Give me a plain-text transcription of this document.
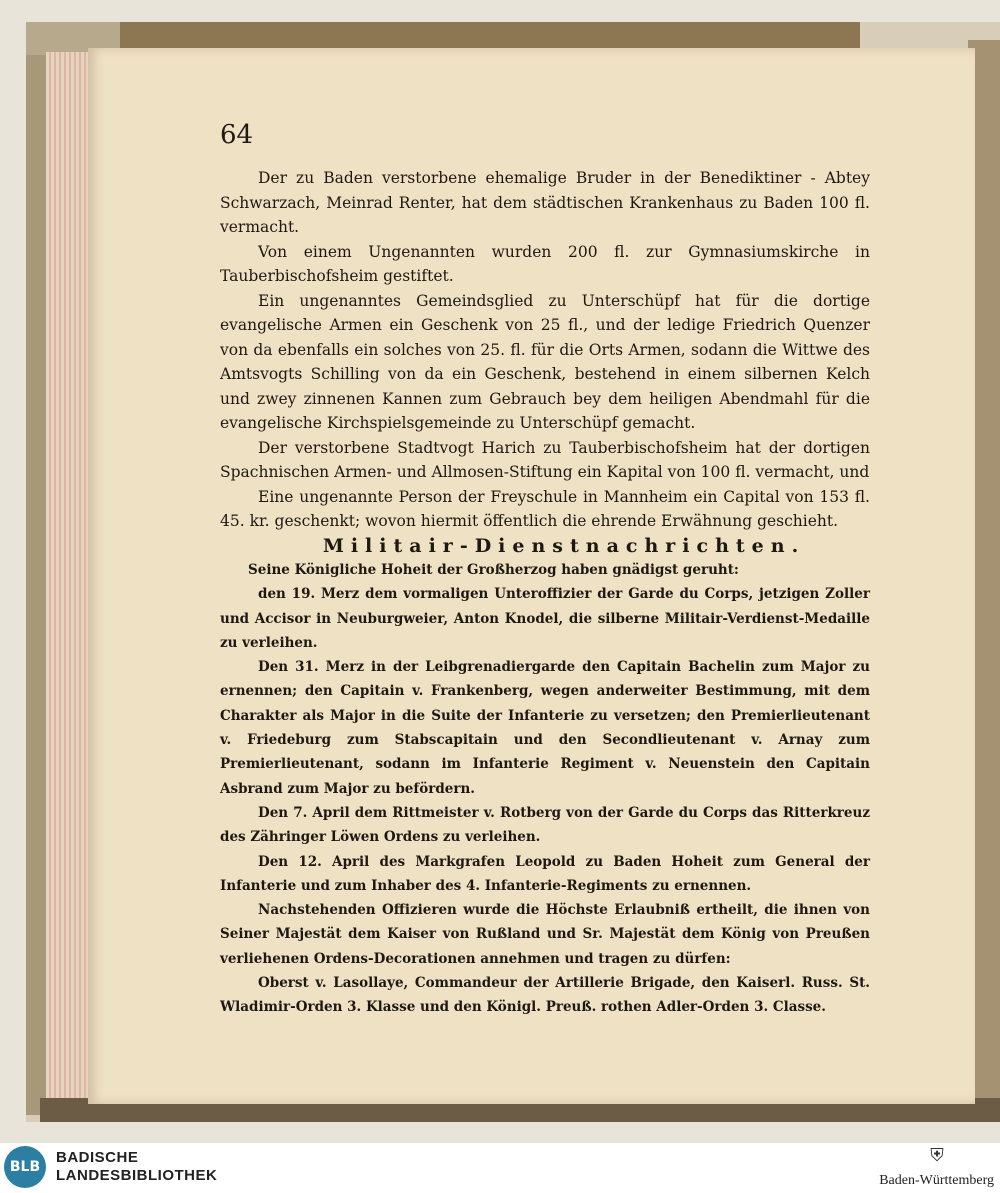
64

Der zu Baden verstorbene ehemalige Bruder in der Benediktiner - Abtey Schwarzach, Meinrad Renter, hat dem städtischen Krankenhaus zu Baden 100 fl. vermacht.

Von einem Ungenannten wurden 200 fl. zur Gymnasiumskirche in Tauberbischofsheim gestiftet.

Ein ungenanntes Gemeindsglied zu Unterschüpf hat für die dortige evangelische Armen ein Geschenk von 25 fl., und der ledige Friedrich Quenzer von da ebenfalls ein solches von 25. fl. für die Orts Armen, sodann die Wittwe des Amtsvogts Schilling von da ein Geschenk, bestehend in einem silbernen Kelch und zwey zinnenen Kannen zum Gebrauch bey dem heiligen Abendmahl für die evangelische Kirchspielsgemeinde zu Unterschüpf gemacht.

Der verstorbene Stadtvogt Harich zu Tauberbischofsheim hat der dortigen Spachnischen Armen- und Allmosen-Stiftung ein Kapital von 100 fl. vermacht, und

Eine ungenannte Person der Freyschule in Mannheim ein Capital von 153 fl. 45. kr. geschenkt; wovon hiermit öffentlich die ehrende Erwähnung geschieht.

Militair-Dienstnachrichten.

Seine Königliche Hoheit der Großherzog haben gnädigst geruht:

den 19. Merz dem vormaligen Unteroffizier der Garde du Corps, jetzigen Zoller und Accisor in Neuburgweier, Anton Knodel, die silberne Militair-Verdienst-Medaille zu verleihen.

Den 31. Merz in der Leibgrenadiergarde den Capitain Bachelin zum Major zu ernennen; den Capitain v. Frankenberg, wegen anderweiter Bestimmung, mit dem Charakter als Major in die Suite der Infanterie zu versetzen; den Premierlieutenant v. Friedeburg zum Stabscapitain und den Secondlieutenant v. Arnay zum Premierlieutenant, sodann im Infanterie Regiment v. Neuenstein den Capitain Asbrand zum Major zu befördern.

Den 7. April dem Rittmeister v. Rotberg von der Garde du Corps das Ritterkreuz des Zähringer Löwen Ordens zu verleihen.

Den 12. April des Markgrafen Leopold zu Baden Hoheit zum General der Infanterie und zum Inhaber des 4. Infanterie-Regiments zu ernennen.

Nachstehenden Offizieren wurde die Höchste Erlaubniß ertheilt, die ihnen von Seiner Majestät dem Kaiser von Rußland und Sr. Majestät dem König von Preußen verliehenen Ordens-Decorationen annehmen und tragen zu dürfen:

Oberst v. Lasollaye, Commandeur der Artillerie Brigade, den Kaiserl. Russ. St. Wladimir-Orden 3. Klasse und den Königl. Preuß. rothen Adler-Orden 3. Classe.

BLB
BADISCHE
LANDESBIBLIOTHEK
⛨
Baden-Württemberg
